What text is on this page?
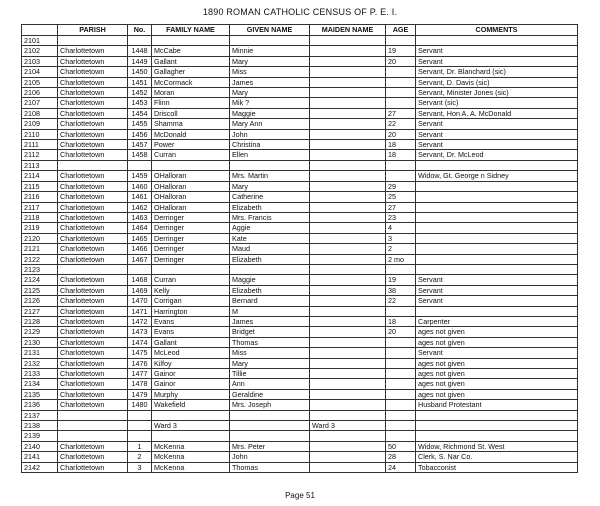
1890 ROMAN CATHOLIC CENSUS OF P. E. I.
	PARISH	No.	FAMILY NAME	GIVEN NAME	MAIDEN NAME	AGE	COMMENTS
2101							
2102	Charlottetown	1448	McCabe	Minnie		19	Servant
2103	Charlottetown	1449	Gallant	Mary		20	Servant
2104	Charlottetown	1450	Gallagher	Miss			Servant, Dr. Blanchard (sic)
2105	Charlottetown	1451	McCormack	James			Servant, D. Davis (sic)
2106	Charlottetown	1452	Moran	Mary			Servant, Minister Jones (sic)
2107	Charlottetown	1453	Flinn	Mik ?			Servant (sic)
2108	Charlottetown	1454	Driscoll	Maggie		27	Servant, Hon A. A. McDonald
2109	Charlottetown	1455	Shamma	Mary Ann		22	Servant
2110	Charlottetown	1456	McDonald	John		20	Servant
2111	Charlottetown	1457	Power	Christina		18	Servant
2112	Charlottetown	1458	Curran	Ellen		18	Servant, Dr. McLeod
2113							
2114	Charlottetown	1459	OHalloran	Mrs. Martin			Widow, Gt. George n Sidney
2115	Charlottetown	1460	OHalloran	Mary		29	
2116	Charlottetown	1461	OHalloran	Catherine		25	
2117	Charlottetown	1462	OHalloran	Elizabeth		27	
2118	Charlottetown	1463	Derringer	Mrs. Francis		23	
2119	Charlottetown	1464	Derringer	Aggie		4	
2120	Charlottetown	1465	Derringer	Kate		3	
2121	Charlottetown	1466	Derringer	Maud		2	
2122	Charlottetown	1467	Derringer	Elizabeth		2 mo	
2123							
2124	Charlottetown	1468	Curran	Maggie		19	Servant
2125	Charlottetown	1469	Kelly	Elizabeth		38	Servant
2126	Charlottetown	1470	Corrigan	Bernard		22	Servant
2127	Charlottetown	1471	Harrington	M			
2128	Charlottetown	1472	Evans	James		18	Carpenter
2129	Charlottetown	1473	Evans	Bridget		20	ages not given
2130	Charlottetown	1474	Gallant	Thomas			ages not given
2131	Charlottetown	1475	McLeod	Miss			Servant
2132	Charlottetown	1476	Kilfoy	Mary			ages not given
2133	Charlottetown	1477	Gainor	Tillie			ages not given
2134	Charlottetown	1478	Gainor	Ann			ages not given
2135	Charlottetown	1479	Murphy	Geraldine			ages not given
2136	Charlottetown	1480	Wakefield	Mrs. Joseph			Husband Protestant
2137							
2138			Ward 3		Ward 3		
2139							
2140	Charlottetown	1	McKenna	Mrs. Peter		50	Widow, Richmond St. West
2141	Charlottetown	2	McKenna	John		28	Clerk, S. Nar Co.
2142	Charlottetown	3	McKenna	Thomas		24	Tobacconist
Page 51
